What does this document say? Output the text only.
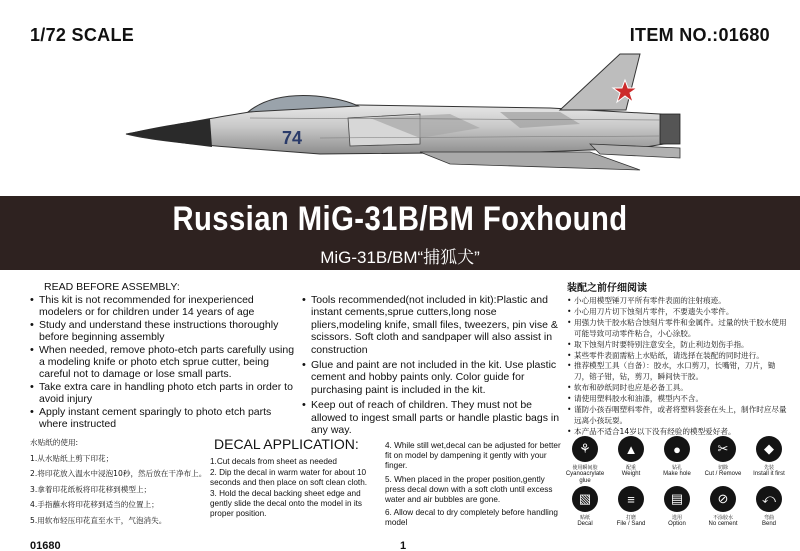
1/72 SCALE	ITEM NO.:01680
74
Russian MiG-31B/BM Foxhound
MiG-31B/BM“捕狐犬”
READ BEFORE ASSEMBLY:
• This kit is not recommended for inexperienced modelers or for children under 14 years of age
• Study and understand these instructions thoroughly before beginning assembly
• When needed, remove photo-etch parts carefully using a modeling knife or photo etch sprue cutter, being careful not to damage or lose small parts.
• Take extra care in handling photo etch parts in order to avoid injury
• Apply instant cement sparingly to photo etch parts where instructed
• Tools recommended(not included in kit):Plastic and instant cements,sprue cutters,long nose pliers,modeling knife, small files, tweezers, pin vise & scissors. Soft cloth and sandpaper will also assist in construction
• Glue and paint are not included in the kit. Use plastic cement and hobby paints only. Color guide for purchasing paint is included in the kit.
• Keep out of reach of children. They must not be allowed to ingest small parts or handle plastic bags in any way.
装配之前仔细阅读
• 小心用模型锤刀平所有零件表面的注射痕迹。
• 小心用刀片切下蚀刻片零件，不要遗失小零件。
• 用强力快干胶水粘合蚀刻片零件和金属件。过量的快干胶水使用可能导致可动零件粘合，小心涂胶。
• 取下蚀刻片时要特别注意安全，防止利边划伤手指。
• 某些零件表面需粘上水贴纸，请选择在装配的同时进行。
• 推荐模型工具（自备）：胶水，水口剪刀，长嘴钳，刀片，锄刀，镕子钳，钻，剪刀，瞬间快干胶。
• 软布和砂纸同时也应是必备工具。
• 请使用塑料胶水和油漆，模型内不含。
• 谨防小孩吞咽塑料零件，或者将塑料袋套在头上，制作时应尽量远离小孩玩耍。
• 本产品不适合14岁以下没有经验的模型爱好者。
水贴纸的使用:
1.从水贴纸上剪下印花；
2.将印花放入温水中浸泡10秒，然后放在干净布上。
3.拿着印花纸板将印花移到模型上；
4.手指蘸水将印花移到适当的位置上；
5.用软布轻压印花直至水干，气泡消失。
DECAL APPLICATION:
1.Cut decals from sheet as needed
2. Dip the decal in warm water for about 10 seconds and then place on soft clean cloth.
3. Hold the decal backing sheet edge and gently slide the decal onto the model in its proper position.
4. While still wet,decal can be adjusted for better fit on model by dampening it gently with your finger.
5. When placed in the proper position,gently press decal down with a soft cloth until excess water and air bubbles are gone.
6. Allow decal to dry completely before handling model
⚘
使用瞬间胶
Cyanoacrylate glue
▲
配重
Weight
●
钻孔
Make hole
✂
切除
Cut / Remove
◆
先装
Install it first
▧
贴纸
Decal
≡
打磨
File / Sand
▤
选用
Option
⊘
不涂胶水
No cement
⤺
弯曲
Bend
01680	1
